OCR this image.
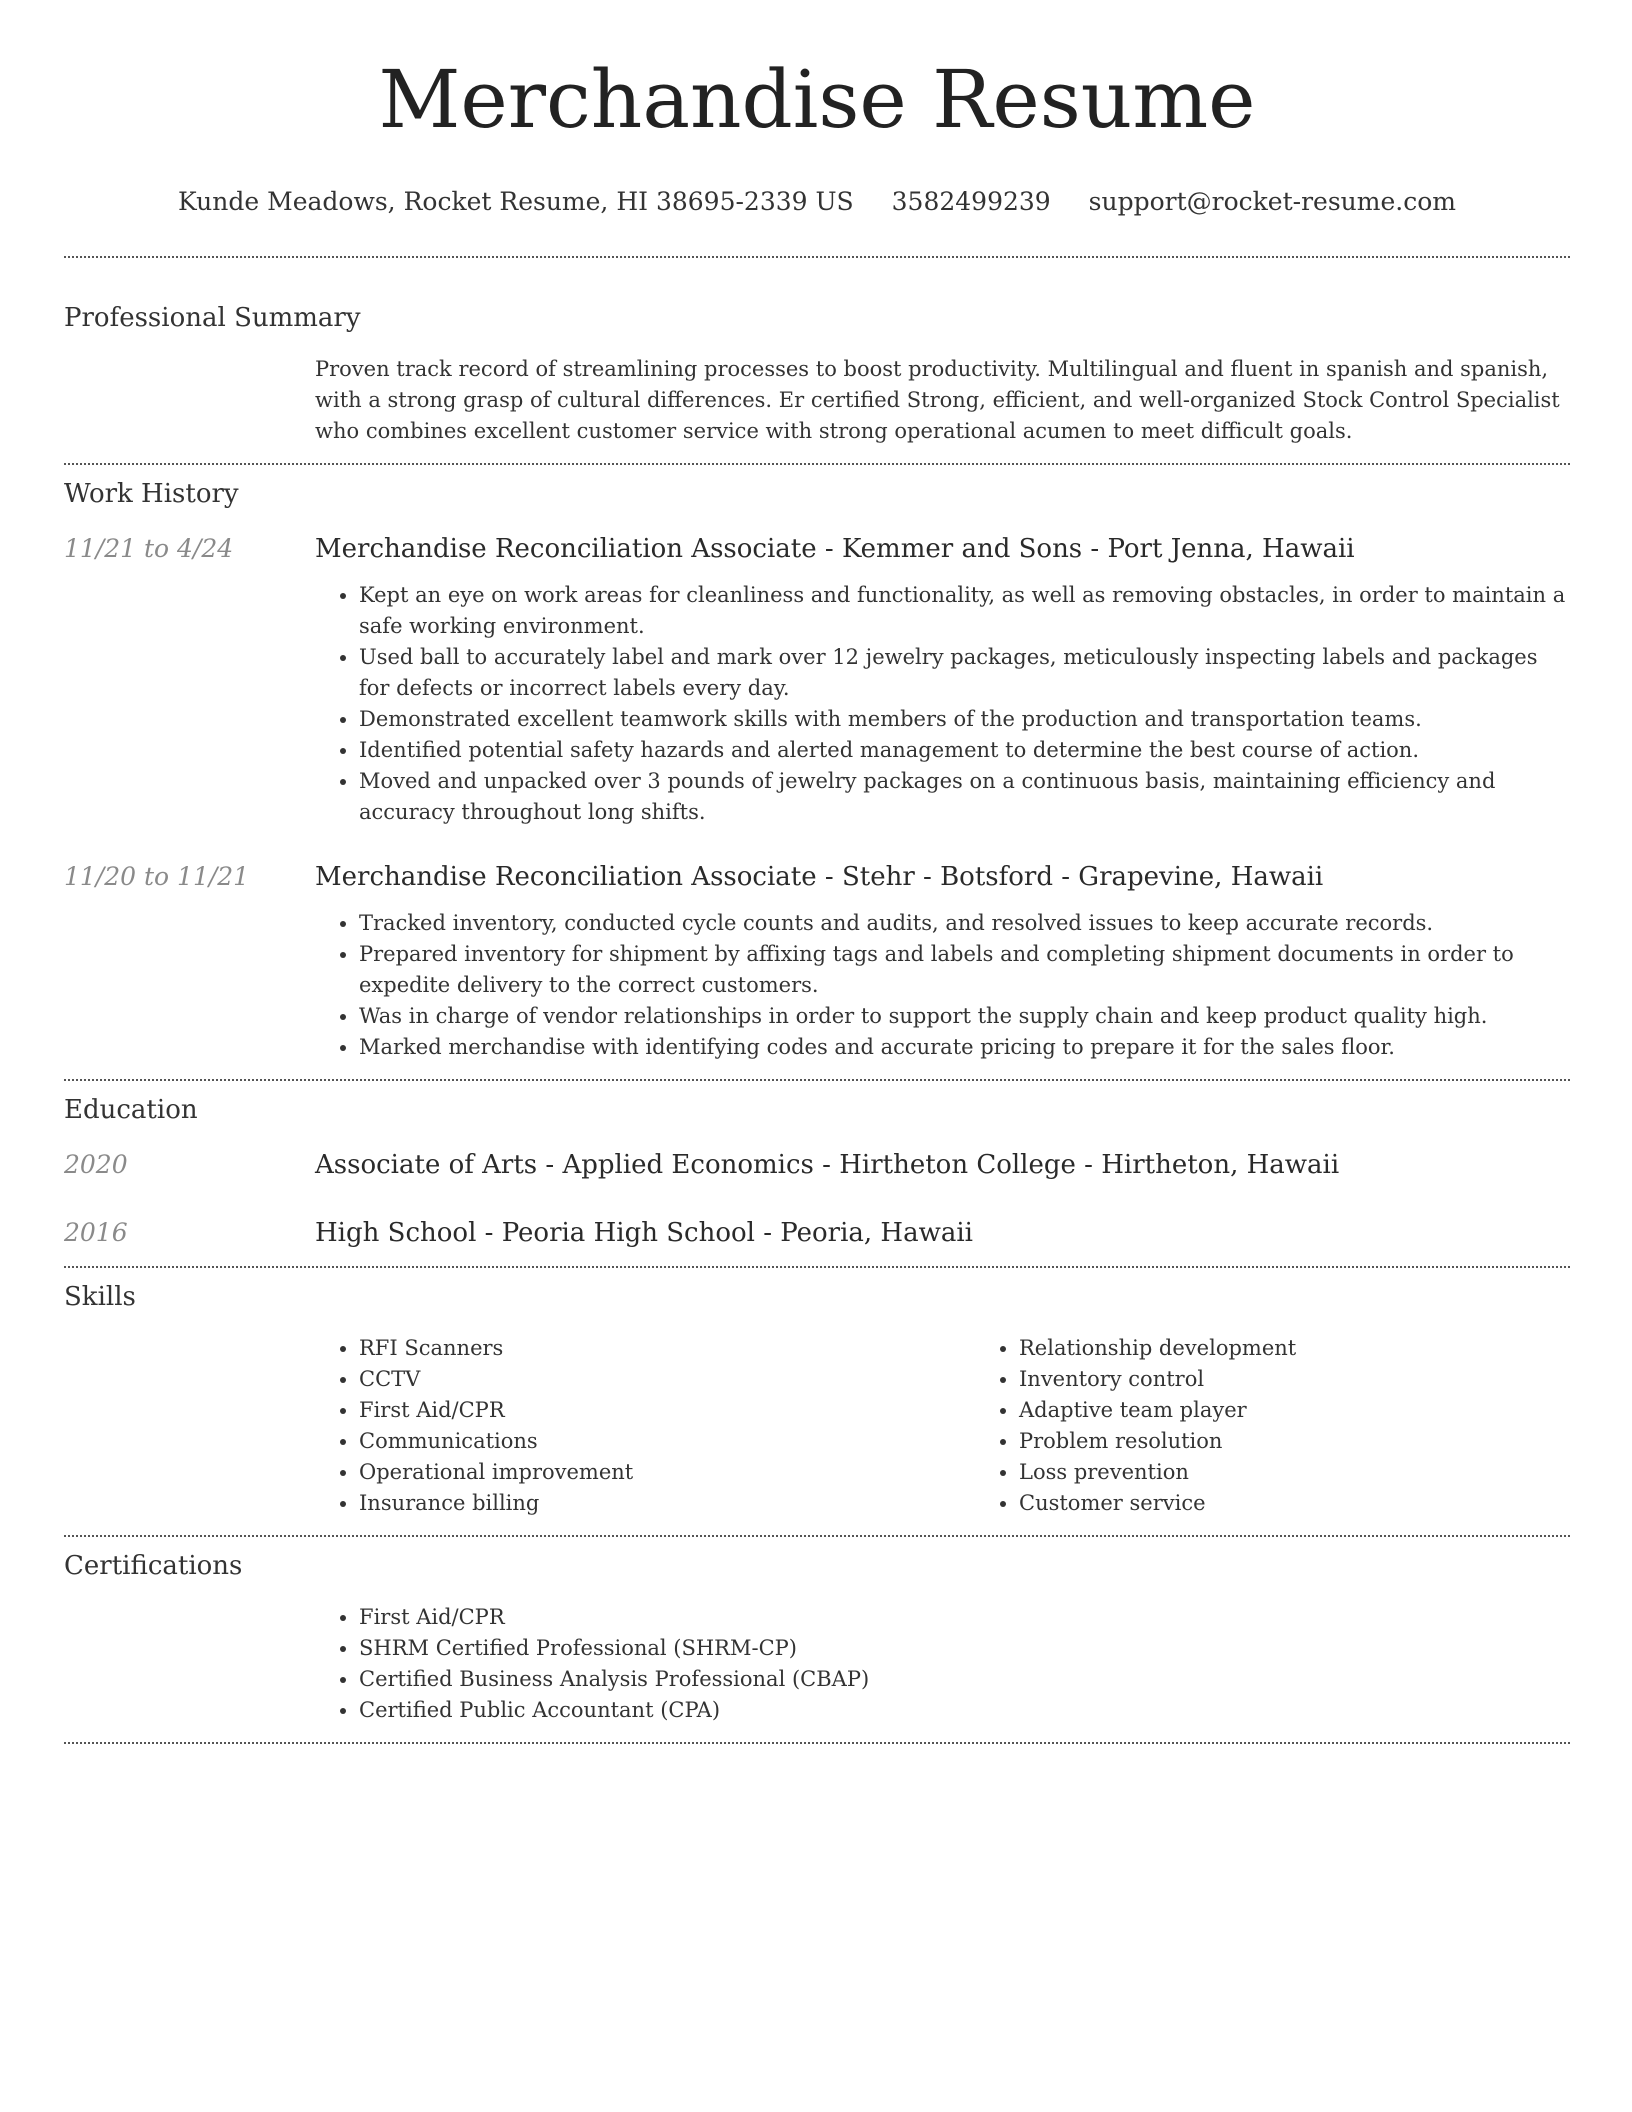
Merchandise Resume
Kunde Meadows, Rocket Resume, HI 38695-2339 US 3582499239 support@rocket-resume.com
Professional Summary
Proven track record of streamlining processes to boost productivity. Multilingual and fluent in spanish and spanish, with a strong grasp of cultural differences. Er certified Strong, efficient, and well-organized Stock Control Specialist who combines excellent customer service with strong operational acumen to meet difficult goals.
Work History
11/21 to 4/24	Merchandise Reconciliation Associate - Kemmer and Sons - Port Jenna, Hawaii
• Kept an eye on work areas for cleanliness and functionality, as well as removing obstacles, in order to maintain a safe working environment.
• Used ball to accurately label and mark over 12 jewelry packages, meticulously inspecting labels and packages for defects or incorrect labels every day.
• Demonstrated excellent teamwork skills with members of the production and transportation teams.
• Identified potential safety hazards and alerted management to determine the best course of action.
• Moved and unpacked over 3 pounds of jewelry packages on a continuous basis, maintaining efficiency and accuracy throughout long shifts.
11/20 to 11/21	Merchandise Reconciliation Associate - Stehr - Botsford - Grapevine, Hawaii
• Tracked inventory, conducted cycle counts and audits, and resolved issues to keep accurate records.
• Prepared inventory for shipment by affixing tags and labels and completing shipment documents in order to expedite delivery to the correct customers.
• Was in charge of vendor relationships in order to support the supply chain and keep product quality high.
• Marked merchandise with identifying codes and accurate pricing to prepare it for the sales floor.
Education
2020	Associate of Arts - Applied Economics - Hirtheton College - Hirtheton, Hawaii
2016	High School - Peoria High School - Peoria, Hawaii
Skills
• RFI Scanners
• CCTV
• First Aid/CPR
• Communications
• Operational improvement
• Insurance billing
• Relationship development
• Inventory control
• Adaptive team player
• Problem resolution
• Loss prevention
• Customer service
Certifications
• First Aid/CPR
• SHRM Certified Professional (SHRM-CP)
• Certified Business Analysis Professional (CBAP)
• Certified Public Accountant (CPA)
